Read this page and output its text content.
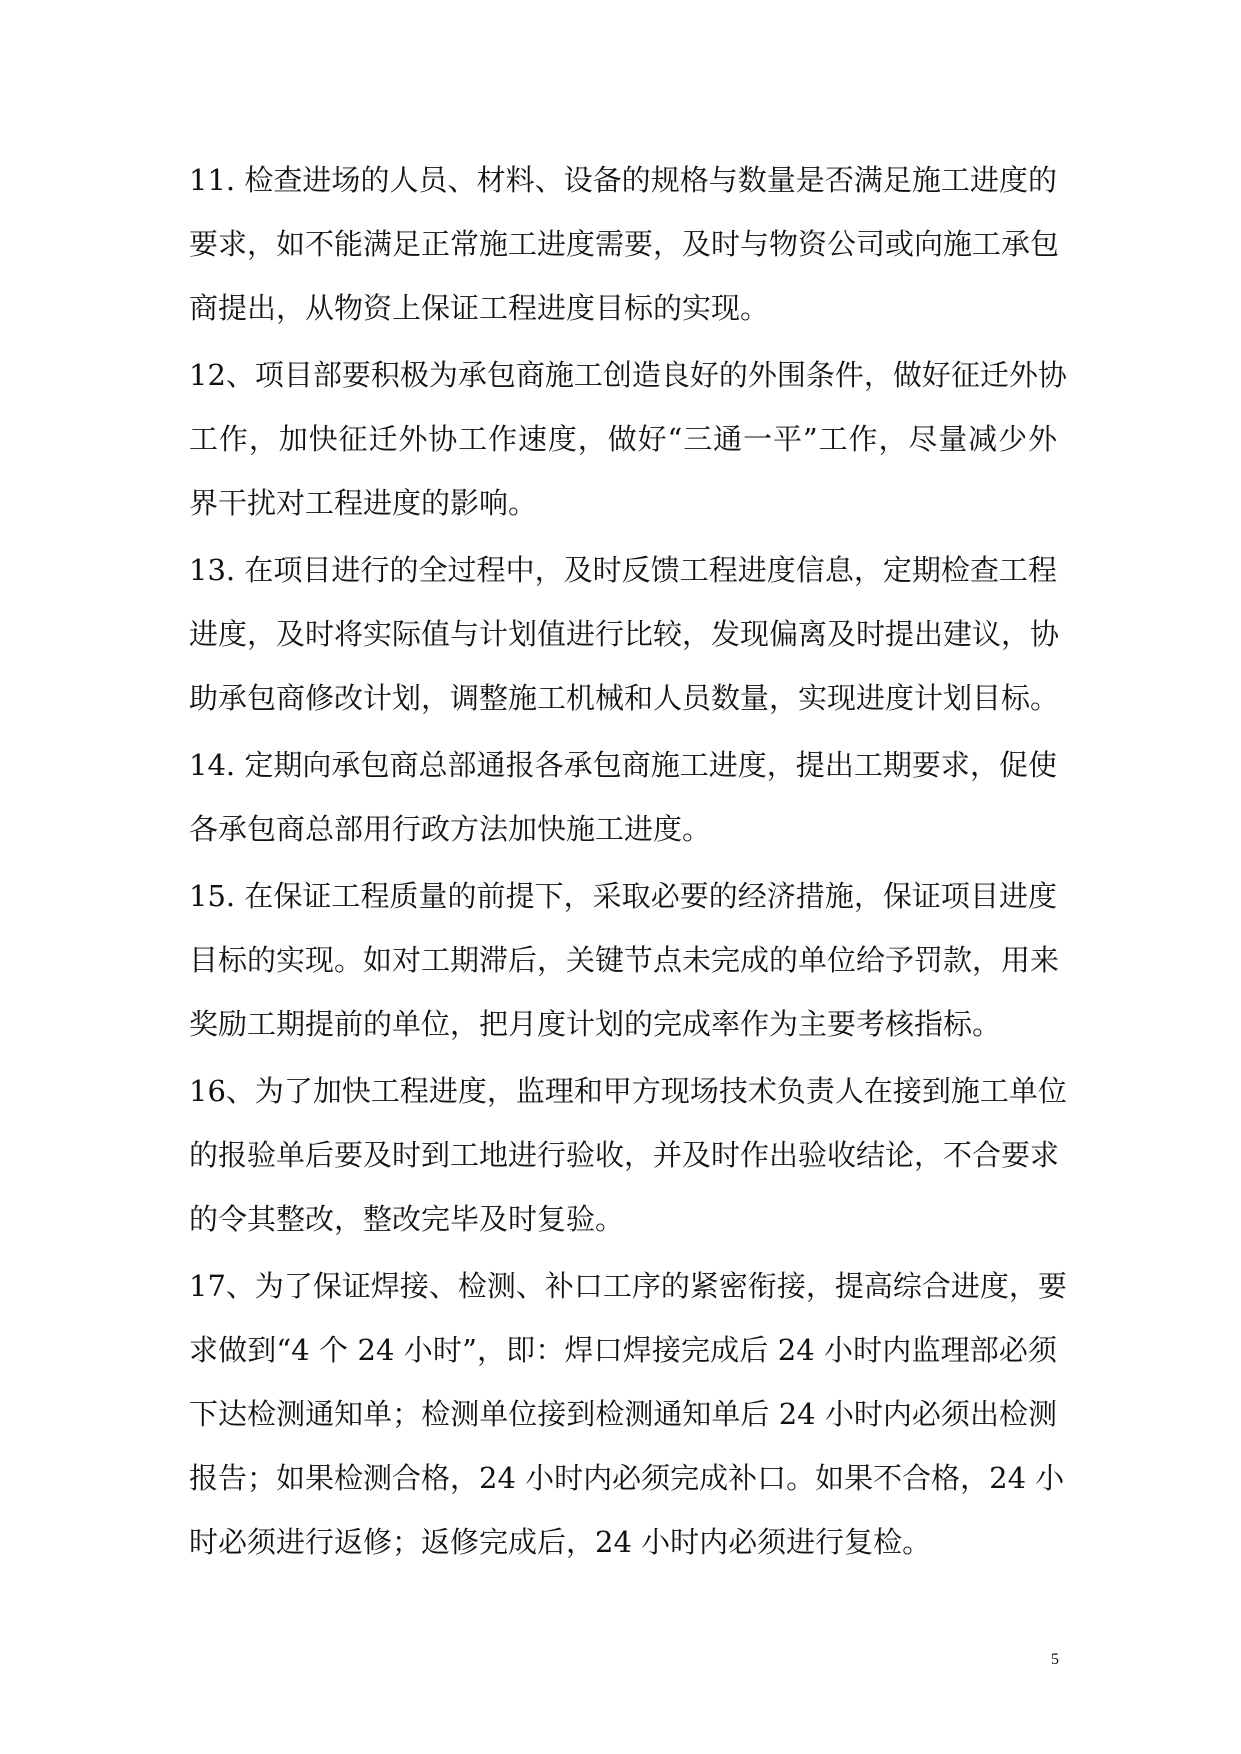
11. 检查进场的人员、材料、设备的规格与数量是否满足施工进度的
要求，如不能满足正常施工进度需要，及时与物资公司或向施工承包
商提出，从物资上保证工程进度目标的实现。
12、项目部要积极为承包商施工创造良好的外围条件，做好征迁外协
工作，加快征迁外协工作速度，做好“三通一平”工作，尽量减少外
界干扰对工程进度的影响。
13. 在项目进行的全过程中，及时反馈工程进度信息，定期检查工程
进度，及时将实际值与计划值进行比较，发现偏离及时提出建议，协
助承包商修改计划，调整施工机械和人员数量，实现进度计划目标。
14. 定期向承包商总部通报各承包商施工进度，提出工期要求，促使
各承包商总部用行政方法加快施工进度。
15. 在保证工程质量的前提下，采取必要的经济措施，保证项目进度
目标的实现。如对工期滞后，关键节点未完成的单位给予罚款，用来
奖励工期提前的单位，把月度计划的完成率作为主要考核指标。
16、为了加快工程进度，监理和甲方现场技术负责人在接到施工单位
的报验单后要及时到工地进行验收，并及时作出验收结论，不合要求
的令其整改，整改完毕及时复验。
17、为了保证焊接、检测、补口工序的紧密衔接，提高综合进度，要
求做到“4 个 24 小时”，即：焊口焊接完成后 24 小时内监理部必须
下达检测通知单；检测单位接到检测通知单后 24 小时内必须出检测
报告；如果检测合格，24 小时内必须完成补口。如果不合格，24 小
时必须进行返修；返修完成后，24 小时内必须进行复检。
5
